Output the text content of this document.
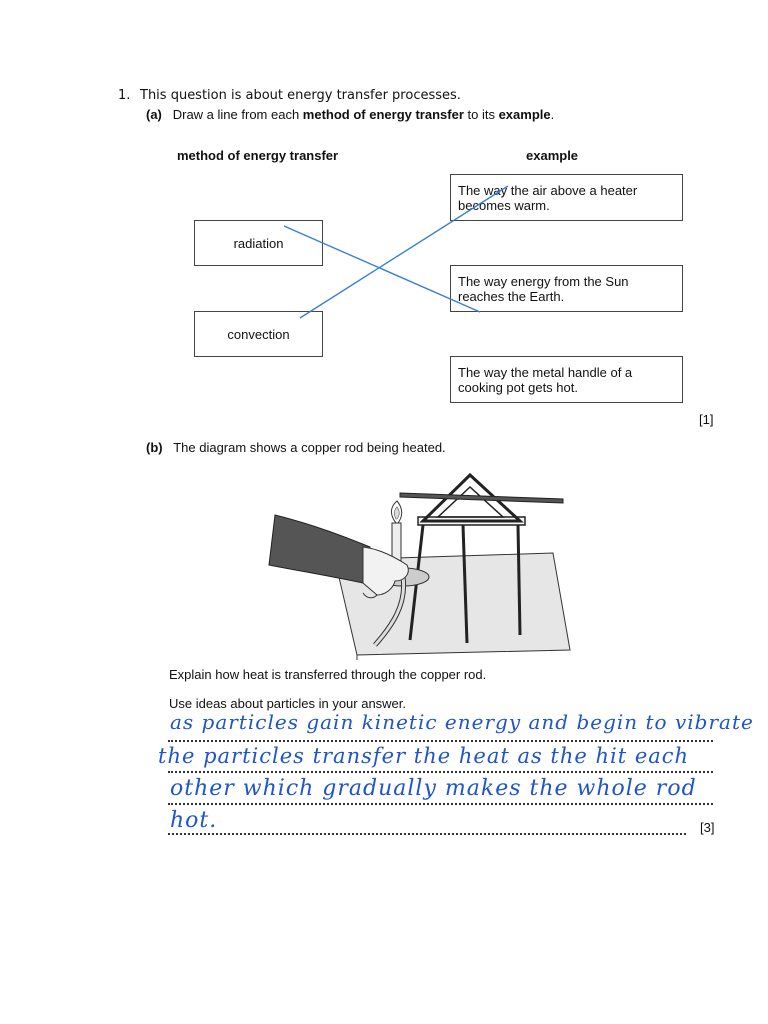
1. This question is about energy transfer processes.
(a) Draw a line from each method of energy transfer to its example.
method of energy transfer	example
radiation
convection
The way the air above a heater becomes warm.
The way energy from the Sun reaches the Earth.
The way the metal handle of a cooking pot gets hot.
[1]
(b) The diagram shows a copper rod being heated.
Explain how heat is transferred through the copper rod.
Use ideas about particles in your answer.
as particles gain kinetic energy and begin to vibrate
the particles transfer the heat as the hit each
other which gradually makes the whole rod
hot.	[3]
